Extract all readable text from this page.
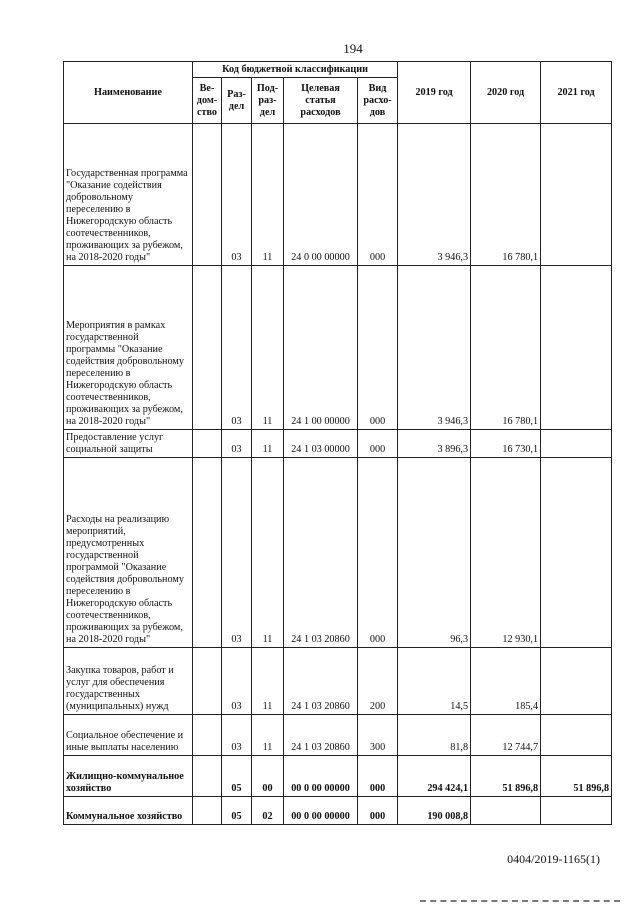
194
Наименование	Код бюджетной классификации					2019 год	2020 год	2021 год
	Ве-дом-ство	Раз-дел	Под-раз-дел	Целевая статья расходов	Вид расхо-дов			
Государственная программа "Оказание содействия добровольному переселению в Нижегородскую область соотечественников, проживающих за рубежом, на 2018-2020 годы"		03	11	24 0 00 00000	000	3 946,3	16 780,1	
Мероприятия в рамках государственной программы "Оказание содействия добровольному переселению в Нижегородскую область соотечественников, проживающих за рубежом, на 2018-2020 годы"		03	11	24 1 00 00000	000	3 946,3	16 780,1	
Предоставление услуг социальной защиты		03	11	24 1 03 00000	000	3 896,3	16 730,1	
Расходы на реализацию мероприятий, предусмотренных государственной программой "Оказание содействия добровольному переселению в Нижегородскую область соотечественников, проживающих за рубежом, на 2018-2020 годы"		03	11	24 1 03 20860	000	96,3	12 930,1	
Закупка товаров, работ и услуг для обеспечения государственных (муниципальных) нужд		03	11	24 1 03 20860	200	14,5	185,4	
Социальное обеспечение и иные выплаты населению		03	11	24 1 03 20860	300	81,8	12 744,7	
Жилищно-коммунальное хозяйство		05	00	00 0 00 00000	000	294 424,1	51 896,8	51 896,8
Коммунальное хозяйство		05	02	00 0 00 00000	000	190 008,8		
0404/2019-1165(1)
